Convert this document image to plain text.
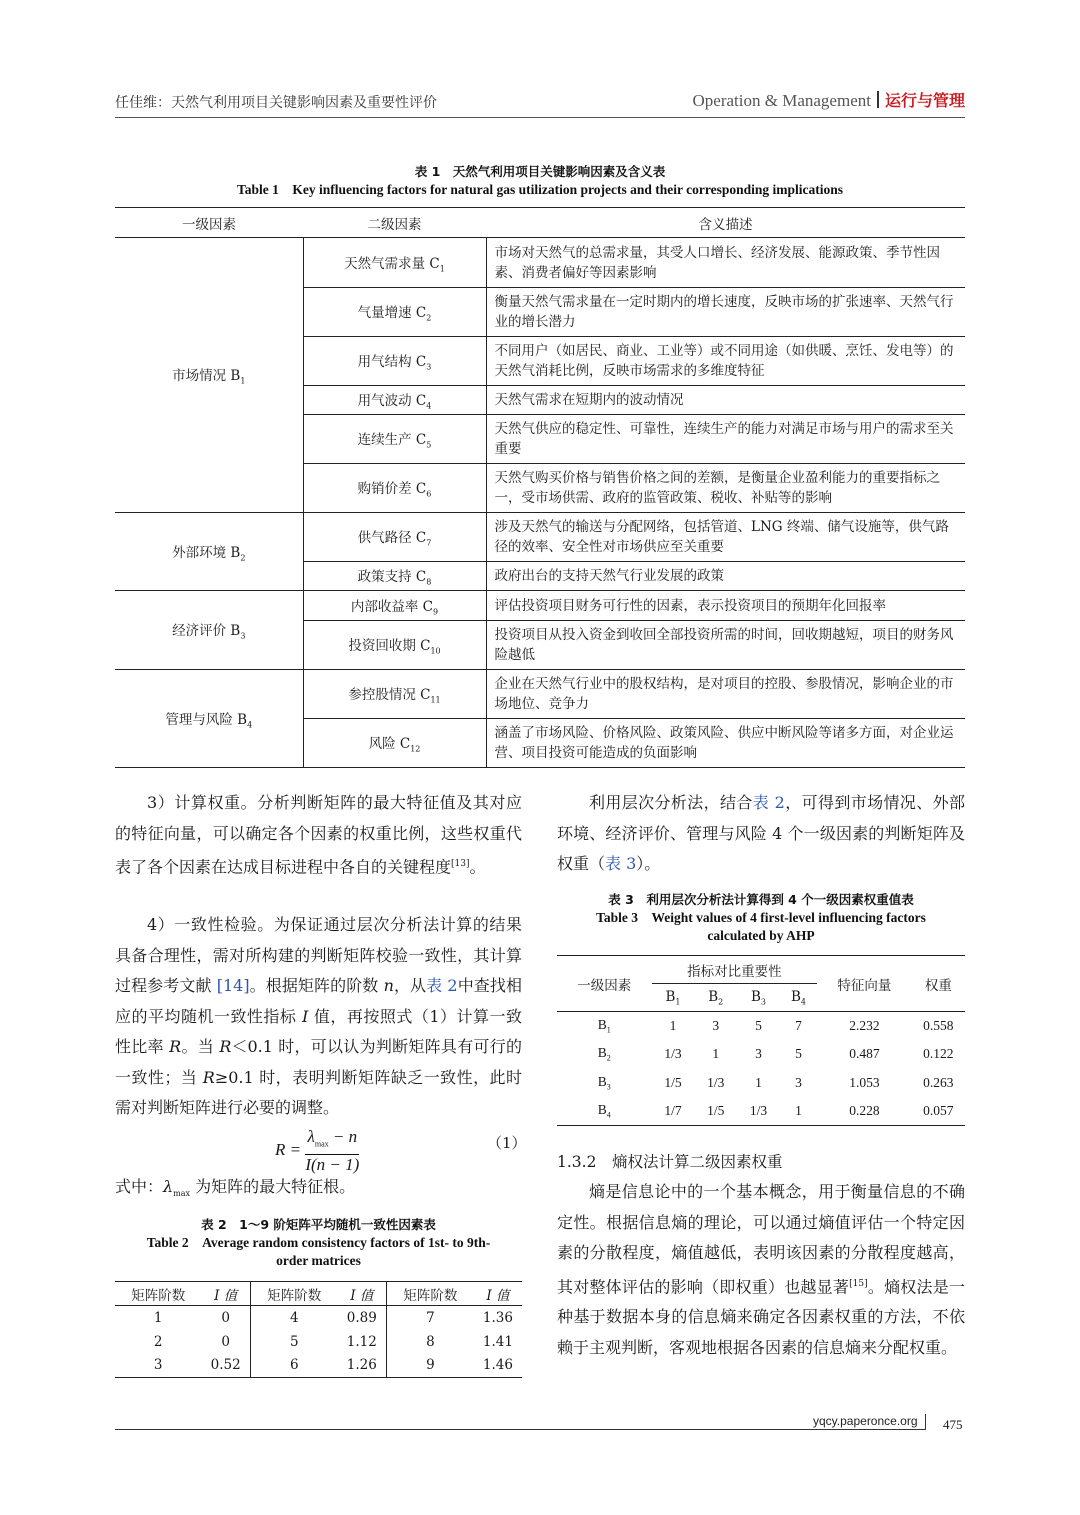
任佳维：天然气利用项目关键影响因素及重要性评价	Operation & Management 运行与管理
表 1　天然气利用项目关键影响因素及含义表
Table 1　Key influencing factors for natural gas utilization projects and their corresponding implications
一级因素	二级因素	含义描述
市场情况 $B_1$	天然气需求量 $C_1$	市场对天然气的总需求量，其受人口增长、经济发展、能源政策、季节性因素、消费者偏好等因素影响
	气量增速 $C_2$	衡量天然气需求量在一定时期内的增长速度，反映市场的扩张速率、天然气行业的增长潜力
	用气结构 $C_3$	不同用户（如居民、商业、工业等）或不同用途（如供暖、烹饪、发电等）的天然气消耗比例，反映市场需求的多维度特征
	用气波动 $C_4$	天然气需求在短期内的波动情况
	连续生产 $C_5$	天然气供应的稳定性、可靠性，连续生产的能力对满足市场与用户的需求至关重要
	购销价差 $C_6$	天然气购买价格与销售价格之间的差额，是衡量企业盈利能力的重要指标之一，受市场供需、政府的监管政策、税收、补贴等的影响
外部环境 $B_2$	供气路径 $C_7$	涉及天然气的输送与分配网络，包括管道、LNG 终端、储气设施等，供气路径的效率、安全性对市场供应至关重要
	政策支持 $C_8$	政府出台的支持天然气行业发展的政策
经济评价 $B_3$	内部收益率 $C_9$	评估投资项目财务可行性的因素，表示投资项目的预期年化回报率
	投资回收期 $C_{10}$	投资项目从投入资金到收回全部投资所需的时间，回收期越短，项目的财务风险越低
管理与风险 $B_4$	参控股情况 $C_{11}$	企业在天然气行业中的股权结构，是对项目的控股、参股情况，影响企业的市场地位、竞争力
	风险 $C_{12}$	涵盖了市场风险、价格风险、政策风险、供应中断风险等诸多方面，对企业运营、项目投资可能造成的负面影响
3）计算权重。分析判断矩阵的最大特征值及其对应的特征向量，可以确定各个因素的权重比例，这些权重代表了各个因素在达成目标进程中各自的关键程度[13]。
4）一致性检验。为保证通过层次分析法计算的结果具备合理性，需对所构建的判断矩阵校验一致性，其计算过程参考文献 [14]。根据矩阵的阶数 n，从表 2中查找相应的平均随机一致性指标 I 值，再按照式（1）计算一致性比率 R。当 R＜0.1 时，可以认为判断矩阵具有可行的一致性；当 R≥0.1 时，表明判断矩阵缺乏一致性，此时需对判断矩阵进行必要的调整。
$R = \frac{\lambda_{max} - n}{I(n - 1)}$	（1）
式中：$\lambda_{max}$ 为矩阵的最大特征根。
表 2　1～9 阶矩阵平均随机一致性因素表
Table 2　Average random consistency factors of 1st- to 9th-
order matrices
矩阵阶数	I 值	矩阵阶数	I 值	矩阵阶数	I 值
1	0	4	0.89	7	1.36
2	0	5	1.12	8	1.41
3	0.52	6	1.26	9	1.46
利用层次分析法，结合表 2，可得到市场情况、外部环境、经济评价、管理与风险 4 个一级因素的判断矩阵及权重（表 3）。
表 3　利用层次分析法计算得到 4 个一级因素权重值表
Table 3　Weight values of 4 first-level influencing factors
calculated by AHP
一级因素	指标对比重要性				特征向量	权重
	$B_1$	$B_2$	$B_3$	$B_4$
$B_1$	1	3	5	7	2.232	0.558
$B_2$	1/3	1	3	5	0.487	0.122
$B_3$	1/5	1/3	1	3	1.053	0.263
$B_4$	1/7	1/5	1/3	1	0.228	0.057
1.3.2　熵权法计算二级因素权重
熵是信息论中的一个基本概念，用于衡量信息的不确定性。根据信息熵的理论，可以通过熵值评估一个特定因素的分散程度，熵值越低，表明该因素的分散程度越高，其对整体评估的影响（即权重）也越显著[15]。熵权法是一种基于数据本身的信息熵来确定各因素权重的方法，不依赖于主观判断，客观地根据各因素的信息熵来分配权重。
yqcy.paperonce.org 475
